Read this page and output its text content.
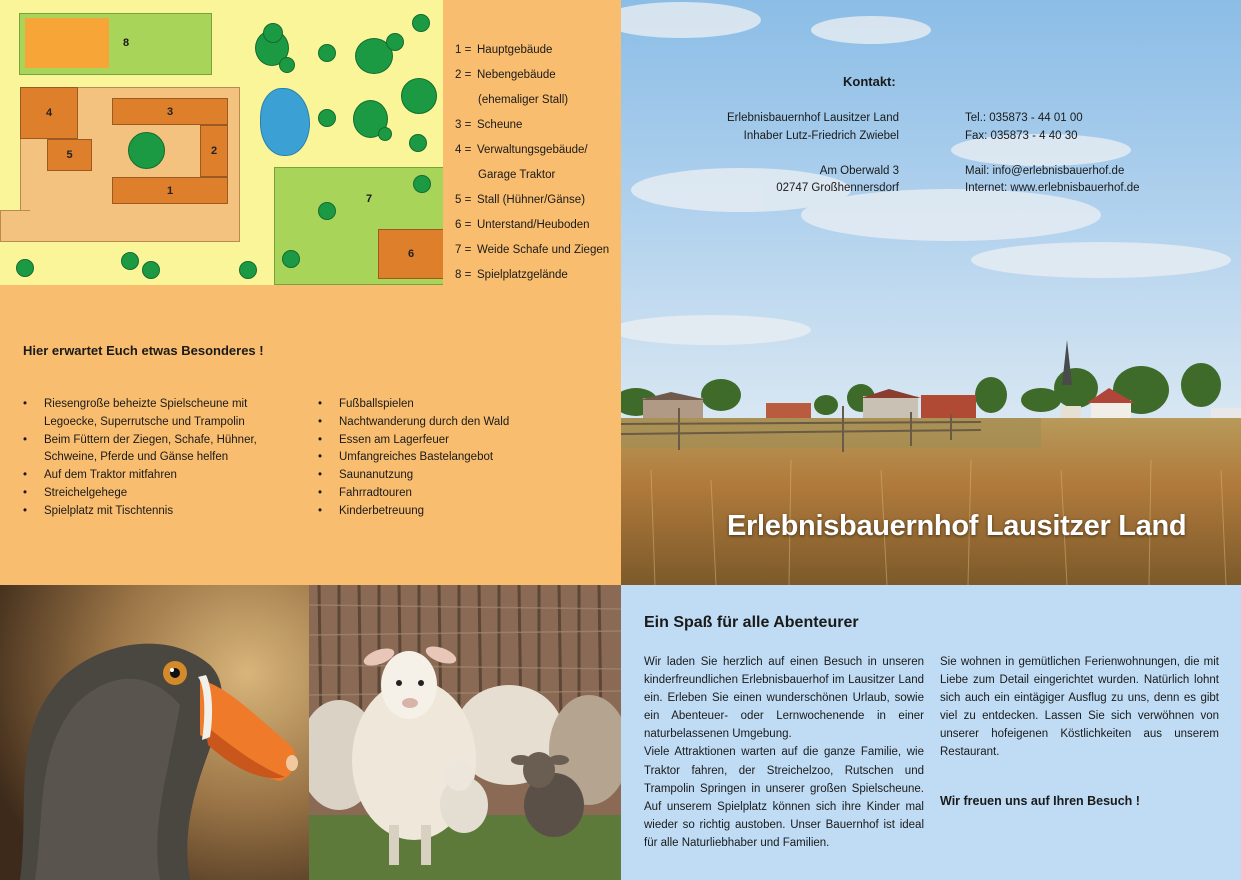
8
4
5
3
2
1
7
6
1 = Hauptgebäude
2 = Nebengebäude
(ehemaliger Stall)
3 = Scheune
4 = Verwaltungsgebäude/
Garage Traktor
5 = Stall (Hühner/Gänse)
6 = Unterstand/Heuboden
7 = Weide Schafe und Ziegen
8 = Spielplatzgelände
Hier erwartet Euch etwas Besonderes !
• Riesengroße beheizte Spielscheune mit
Legoecke, Superrutsche und Trampolin
• Beim Füttern der Ziegen, Schafe, Hühner,
Schweine, Pferde und Gänse helfen
• Auf dem Traktor mitfahren
• Streichelgehege
• Spielplatz mit Tischtennis
• Fußballspielen
• Nachtwanderung durch den Wald
• Essen am Lagerfeuer
• Umfangreiches Bastelangebot
• Saunanutzung
• Fahrradtouren
• Kinderbetreuung
Kontakt:
Erlebnisbauernhof Lausitzer Land
Inhaber Lutz-Friedrich Zwiebel
Am Oberwald 3
02747 Großhennersdorf
Tel.: 035873 - 44 01 00
Fax: 035873 - 4 40 30
Mail: info@erlebnisbauerhof.de
Internet: www.erlebnisbauerhof.de
Erlebnisbauernhof Lausitzer Land
Ein Spaß für alle Abenteurer

Wir laden Sie herzlich auf einen Besuch in unseren kinderfreundlichen Erlebnisbauerhof im Lausitzer Land ein. Erleben Sie einen wunderschönen Urlaub, sowie ein Abenteuer- oder Lernwochenende in einer naturbelassenen Umgebung.

Viele Attraktionen warten auf die ganze Familie, wie Traktor fahren, der Streichelzoo, Rutschen und Trampolin Springen in unserer großen Spielscheune. Auf unserem Spielplatz können sich ihre Kinder mal wieder so richtig austoben. Unser Bauernhof ist ideal für alle Naturliebhaber und Familien.

Sie wohnen in gemütlichen Ferienwohnungen, die mit Liebe zum Detail eingerichtet wurden. Natürlich lohnt sich auch ein eintägiger Ausflug zu uns, denn es gibt viel zu entdecken. Lassen Sie sich verwöhnen von unserer hofeigenen Köstlichkeiten aus unserem Restaurant.

Wir freuen uns auf Ihren Besuch !
